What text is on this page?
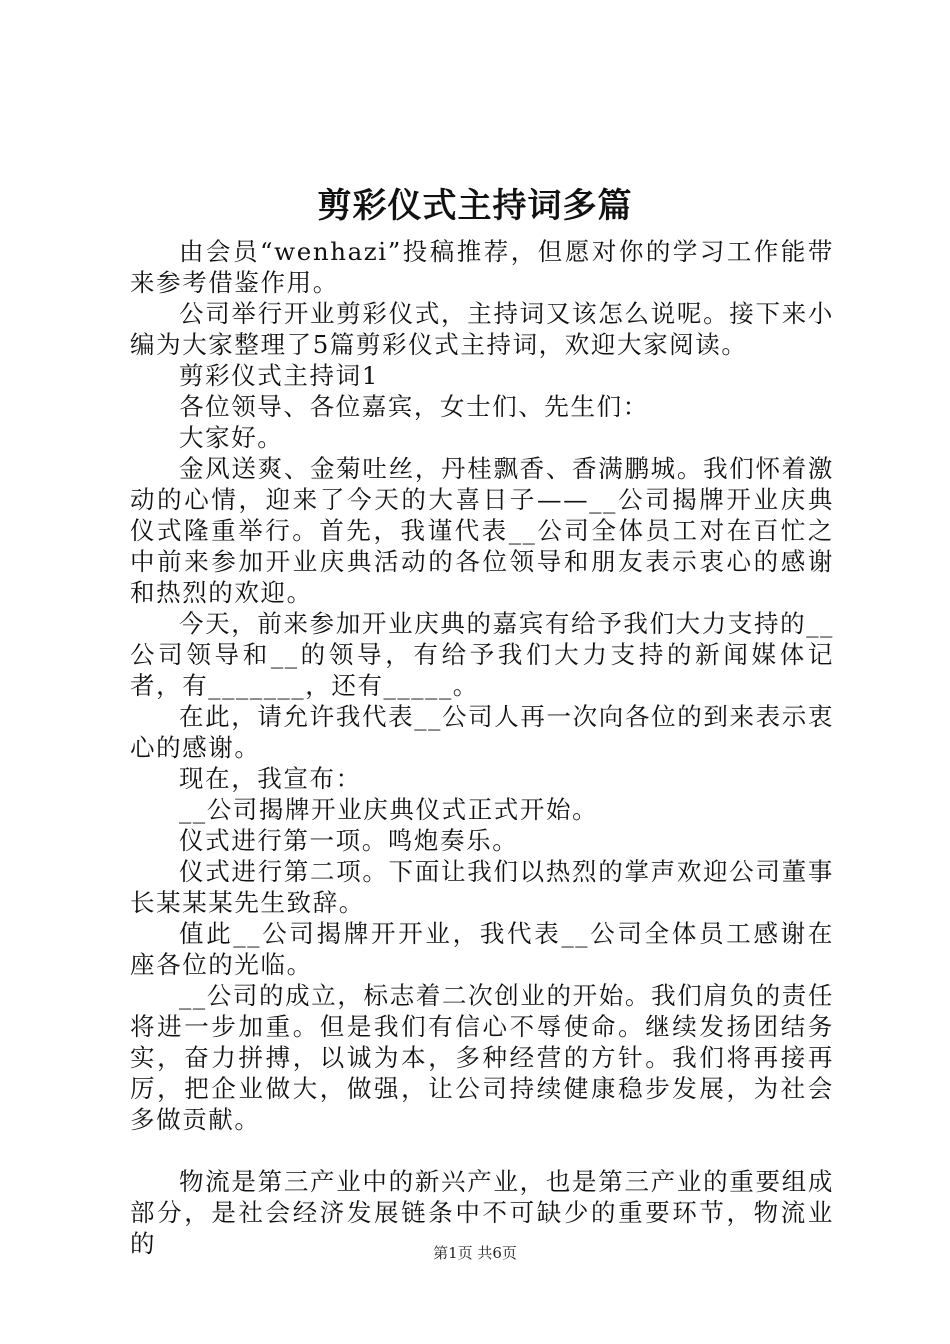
剪彩仪式主持词多篇

由会员“wenhazi”投稿推荐，但愿对你的学习工作能带来参考借鉴作用。

公司举行开业剪彩仪式，主持词又该怎么说呢。接下来小编为大家整理了5篇剪彩仪式主持词，欢迎大家阅读。

剪彩仪式主持词1

各位领导、各位嘉宾，女士们、先生们：

大家好。

金风送爽、金菊吐丝，丹桂飘香、香满鹏城。我们怀着激动的心情，迎来了今天的大喜日子——__公司揭牌开业庆典仪式隆重举行。首先，我谨代表__公司全体员工对在百忙之中前来参加开业庆典活动的各位领导和朋友表示衷心的感谢和热烈的欢迎。

今天，前来参加开业庆典的嘉宾有给予我们大力支持的__公司领导和__的领导，有给予我们大力支持的新闻媒体记者，有_______，还有_____。

在此，请允许我代表__公司人再一次向各位的到来表示衷心的感谢。

现在，我宣布：

__公司揭牌开业庆典仪式正式开始。

仪式进行第一项。鸣炮奏乐。

仪式进行第二项。下面让我们以热烈的掌声欢迎公司董事长某某某先生致辞。

值此__公司揭牌开开业，我代表__公司全体员工感谢在座各位的光临。

__公司的成立，标志着二次创业的开始。我们肩负的责任将进一步加重。但是我们有信心不辱使命。继续发扬团结务实，奋力拼搏，以诚为本，多种经营的方针。我们将再接再厉，把企业做大，做强，让公司持续健康稳步发展，为社会多做贡献。

物流是第三产业中的新兴产业，也是第三产业的重要组成部分，是社会经济发展链条中不可缺少的重要环节，物流业的	第1页 共6页
